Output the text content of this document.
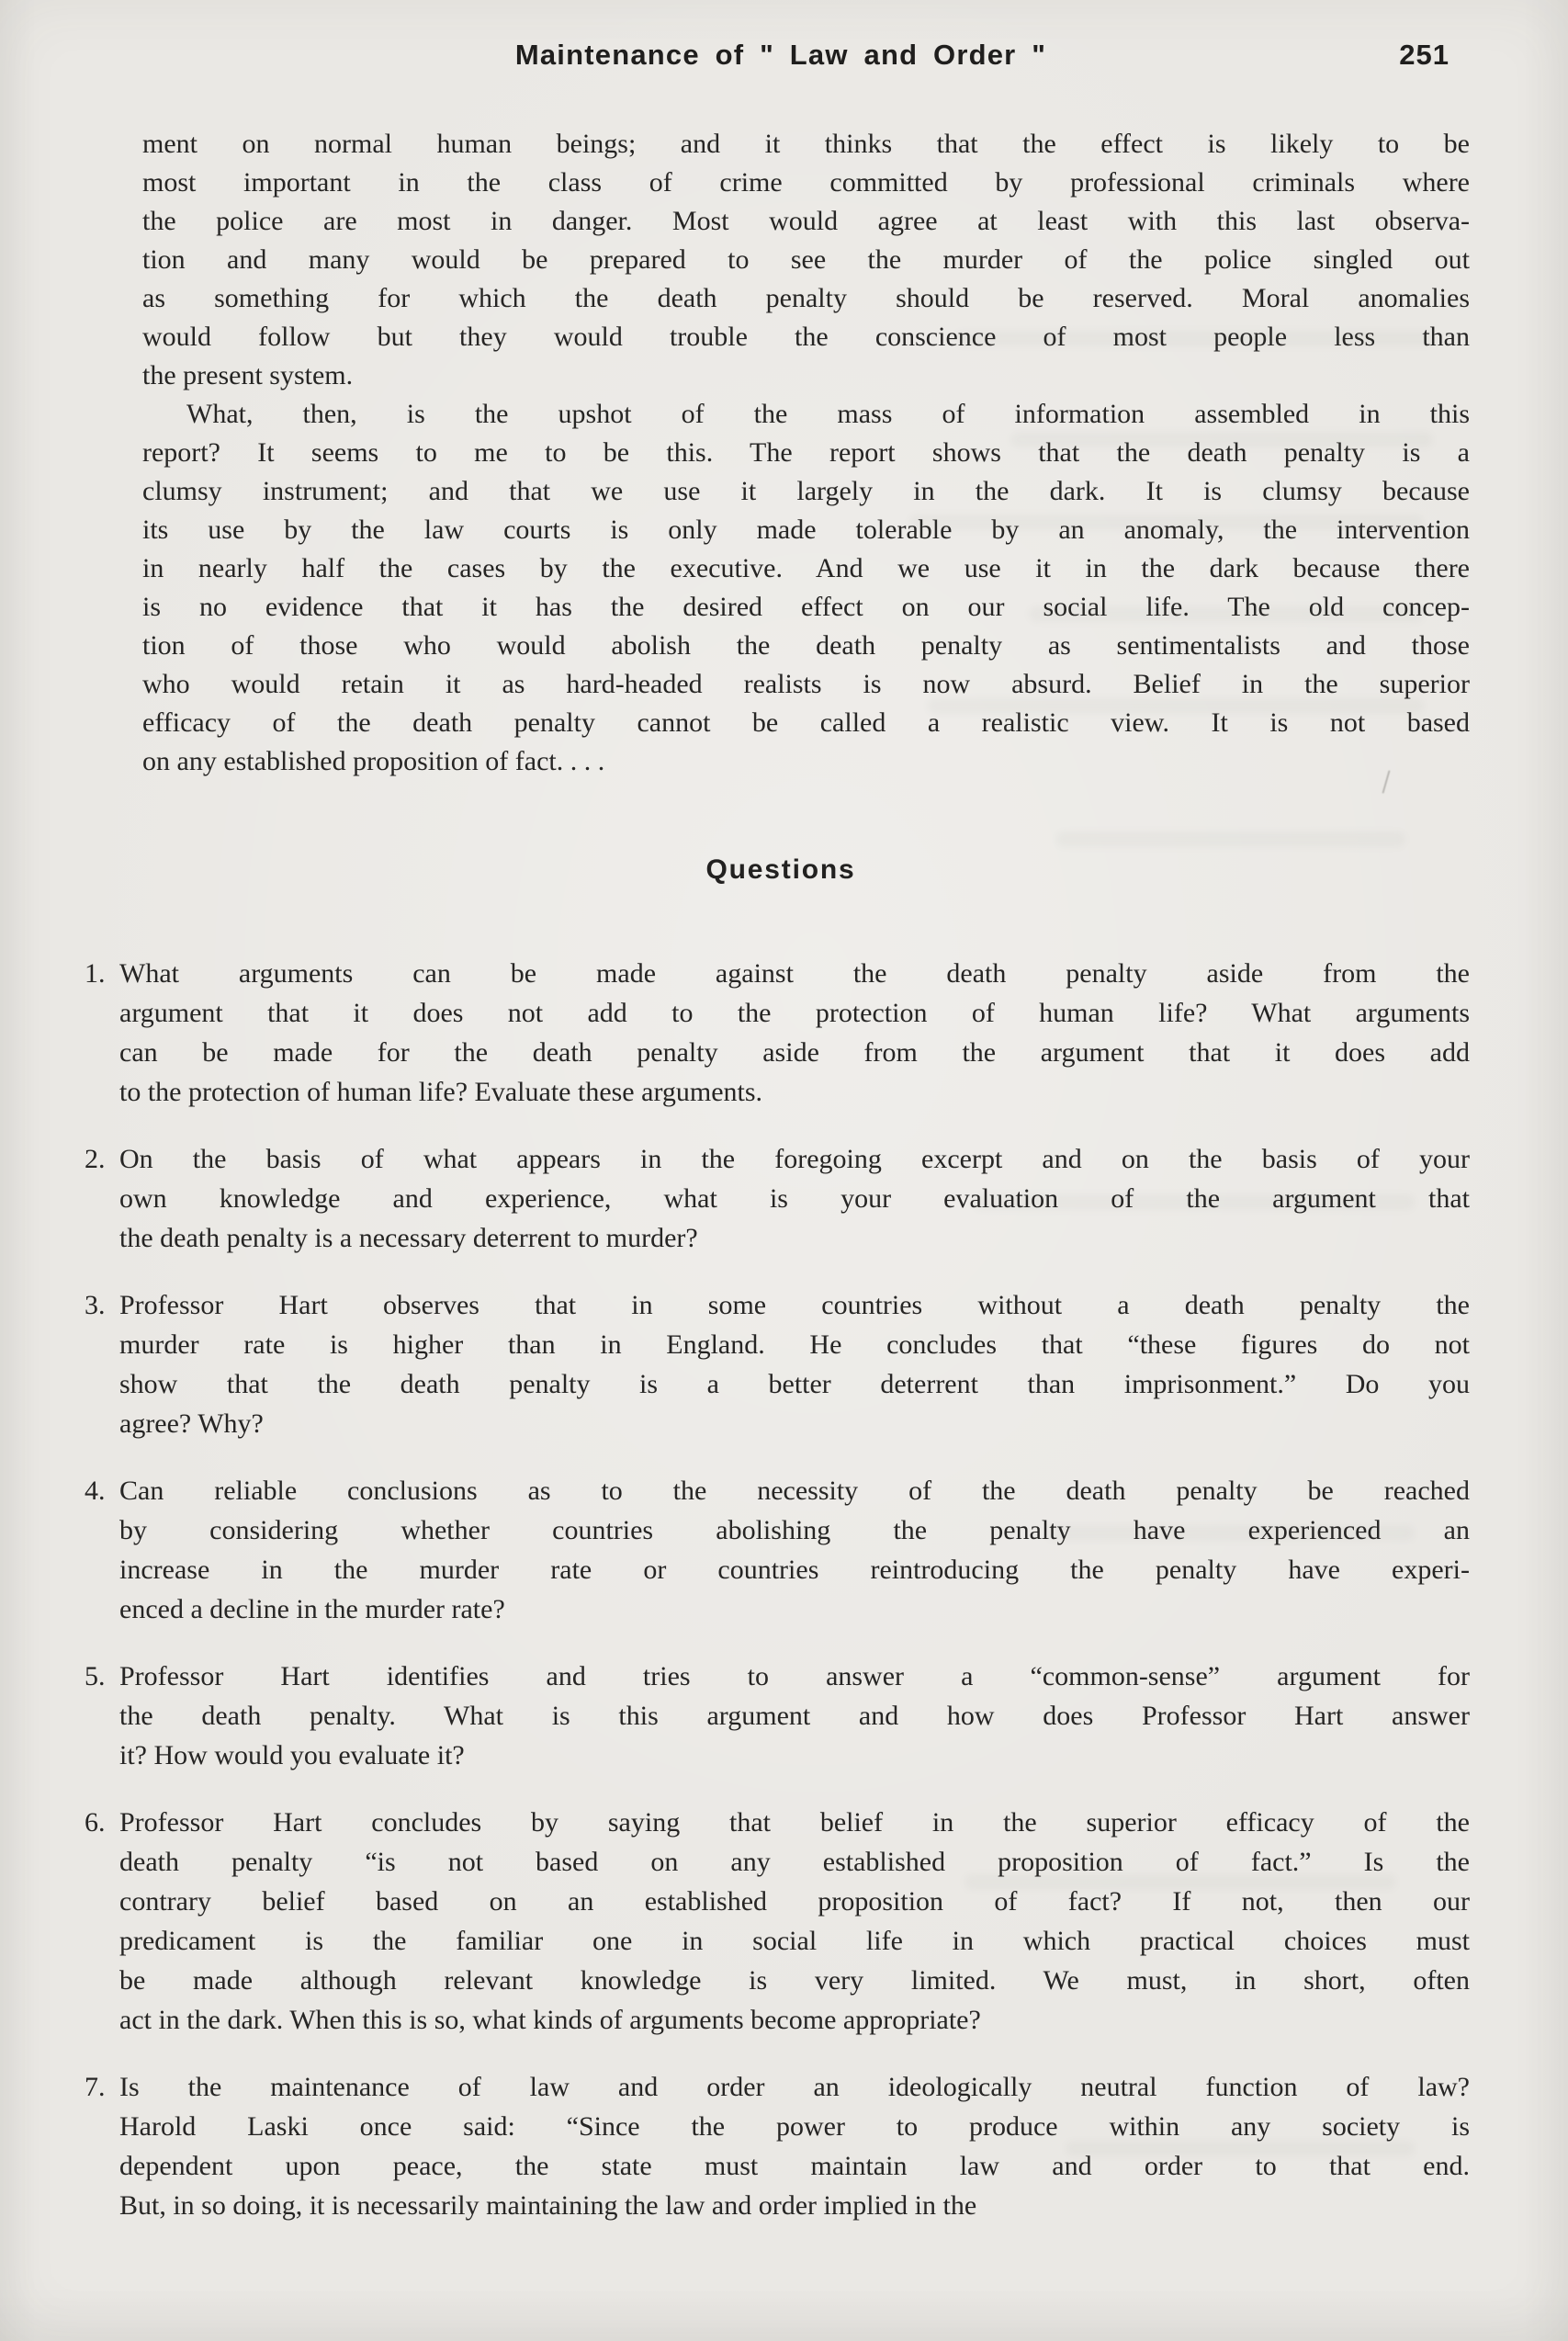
Maintenance of " Law and Order "	251
ment on normal human beings; and it thinks that the effect is likely to be
most important in the class of crime committed by professional criminals where
the police are most in danger. Most would agree at least with this last observa-
tion and many would be prepared to see the murder of the police singled out
as something for which the death penalty should be reserved. Moral anomalies
would follow but they would trouble the conscience of most people less than
the present system.
What, then, is the upshot of the mass of information assembled in this
report? It seems to me to be this. The report shows that the death penalty is a
clumsy instrument; and that we use it largely in the dark. It is clumsy because
its use by the law courts is only made tolerable by an anomaly, the intervention
in nearly half the cases by the executive. And we use it in the dark because there
is no evidence that it has the desired effect on our social life. The old concep-
tion of those who would abolish the death penalty as sentimentalists and those
who would retain it as hard-headed realists is now absurd. Belief in the superior
efficacy of the death penalty cannot be called a realistic view. It is not based
on any established proposition of fact. . . .
Questions
1. What arguments can be made against the death penalty aside from the
argument that it does not add to the protection of human life? What arguments
can be made for the death penalty aside from the argument that it does add
to the protection of human life? Evaluate these arguments.
2. On the basis of what appears in the foregoing excerpt and on the basis of your
own knowledge and experience, what is your evaluation of the argument that
the death penalty is a necessary deterrent to murder?
3. Professor Hart observes that in some countries without a death penalty the
murder rate is higher than in England. He concludes that “these figures do not
show that the death penalty is a better deterrent than imprisonment.” Do you
agree? Why?
4. Can reliable conclusions as to the necessity of the death penalty be reached
by considering whether countries abolishing the penalty have experienced an
increase in the murder rate or countries reintroducing the penalty have experi-
enced a decline in the murder rate?
5. Professor Hart identifies and tries to answer a “common-sense” argument for
the death penalty. What is this argument and how does Professor Hart answer
it? How would you evaluate it?
6. Professor Hart concludes by saying that belief in the superior efficacy of the
death penalty “is not based on any established proposition of fact.” Is the
contrary belief based on an established proposition of fact? If not, then our
predicament is the familiar one in social life in which practical choices must
be made although relevant knowledge is very limited. We must, in short, often
act in the dark. When this is so, what kinds of arguments become appropriate?
7. Is the maintenance of law and order an ideologically neutral function of law?
Harold Laski once said: “Since the power to produce within any society is
dependent upon peace, the state must maintain law and order to that end.
But, in so doing, it is necessarily maintaining the law and order implied in the
